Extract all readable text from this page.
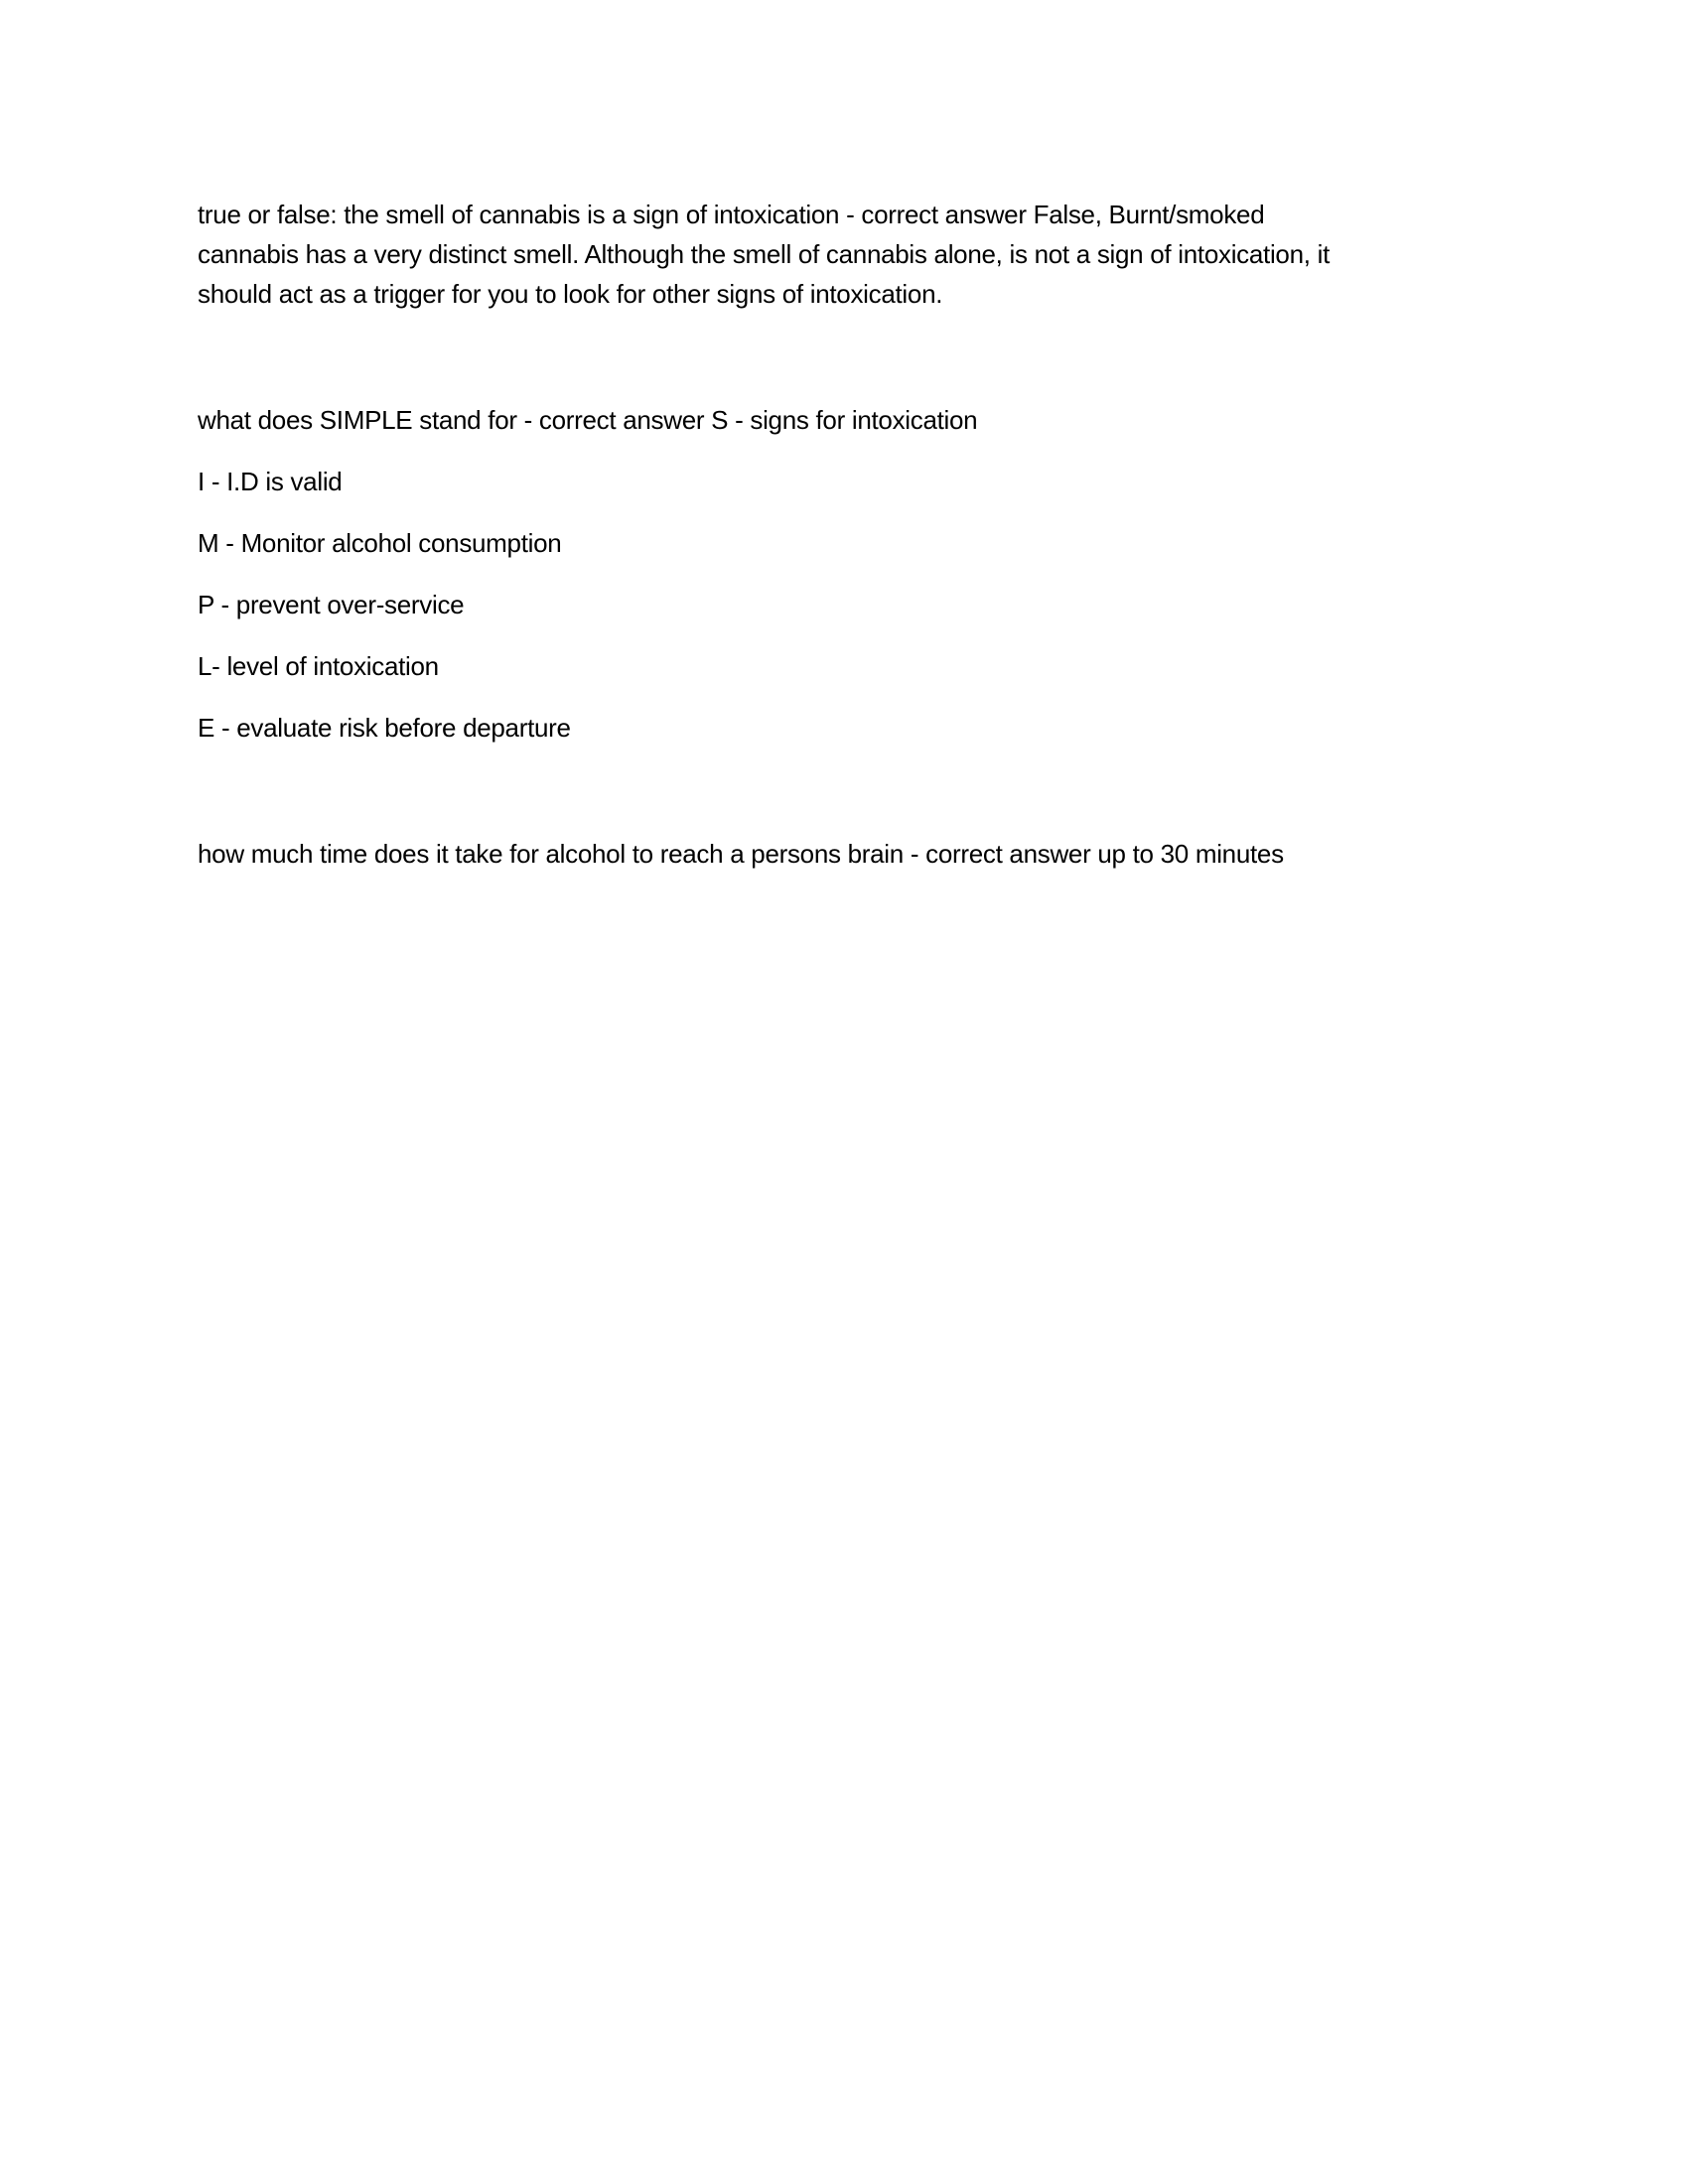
true or false: the smell of cannabis is a sign of intoxication - correct answer False, Burnt/smoked
cannabis has a very distinct smell. Although the smell of cannabis alone, is not a sign of intoxication, it
should act as a trigger for you to look for other signs of intoxication.
what does SIMPLE stand for - correct answer S - signs for intoxication
I - I.D is valid
M - Monitor alcohol consumption
P - prevent over-service
L- level of intoxication
E - evaluate risk before departure
how much time does it take for alcohol to reach a persons brain - correct answer up to 30 minutes
